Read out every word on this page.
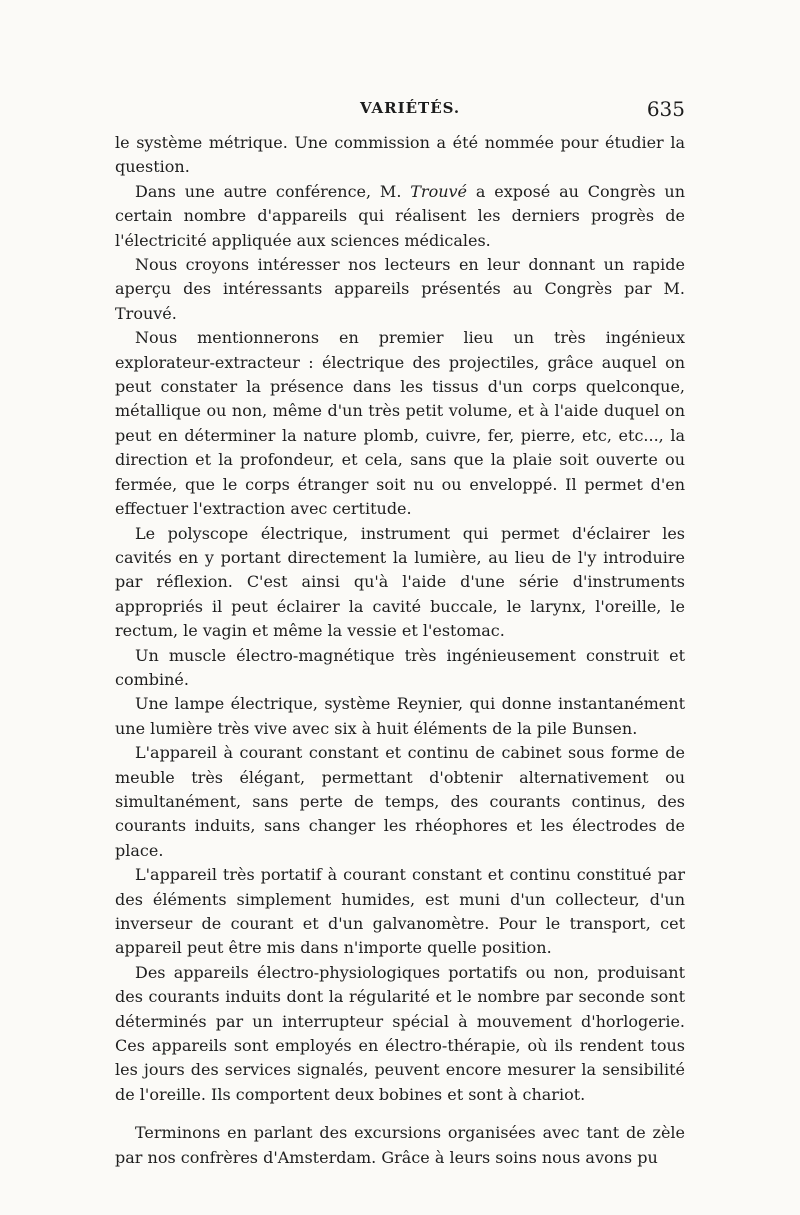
VARIÉTÉS.	635

le système métrique. Une commission a été nommée pour étudier la question.

Dans une autre conférence, M. Trouvé a exposé au Congrès un certain nombre d'appareils qui réalisent les derniers progrès de l'électricité appliquée aux sciences médicales.

Nous croyons intéresser nos lecteurs en leur donnant un rapide aperçu des intéressants appareils présentés au Congrès par M. Trouvé.

Nous mentionnerons en premier lieu un très ingénieux explorateur-extracteur : électrique des projectiles, grâce auquel on peut constater la présence dans les tissus d'un corps quelconque, métallique ou non, même d'un très petit volume, et à l'aide duquel on peut en déterminer la nature plomb, cuivre, fer, pierre, etc, etc..., la direction et la profondeur, et cela, sans que la plaie soit ouverte ou fermée, que le corps étranger soit nu ou enveloppé. Il permet d'en effectuer l'extraction avec certitude.

Le polyscope électrique, instrument qui permet d'éclairer les cavités en y portant directement la lumière, au lieu de l'y introduire par réflexion. C'est ainsi qu'à l'aide d'une série d'instruments appropriés il peut éclairer la cavité buccale, le larynx, l'oreille, le rectum, le vagin et même la vessie et l'estomac.

Un muscle électro-magnétique très ingénieusement construit et combiné.

Une lampe électrique, système Reynier, qui donne instantanément une lumière très vive avec six à huit éléments de la pile Bunsen.

L'appareil à courant constant et continu de cabinet sous forme de meuble très élégant, permettant d'obtenir alternativement ou simultanément, sans perte de temps, des courants continus, des courants induits, sans changer les rhéophores et les électrodes de place.

L'appareil très portatif à courant constant et continu constitué par des éléments simplement humides, est muni d'un collecteur, d'un inverseur de courant et d'un galvanomètre. Pour le transport, cet appareil peut être mis dans n'importe quelle position.

Des appareils électro-physiologiques portatifs ou non, produisant des courants induits dont la régularité et le nombre par seconde sont déterminés par un interrupteur spécial à mouvement d'horlogerie. Ces appareils sont employés en électro-thérapie, où ils rendent tous les jours des services signalés, peuvent encore mesurer la sensibilité de l'oreille. Ils comportent deux bobines et sont à chariot.

Terminons en parlant des excursions organisées avec tant de zèle par nos confrères d'Amsterdam. Grâce à leurs soins nous avons pu
